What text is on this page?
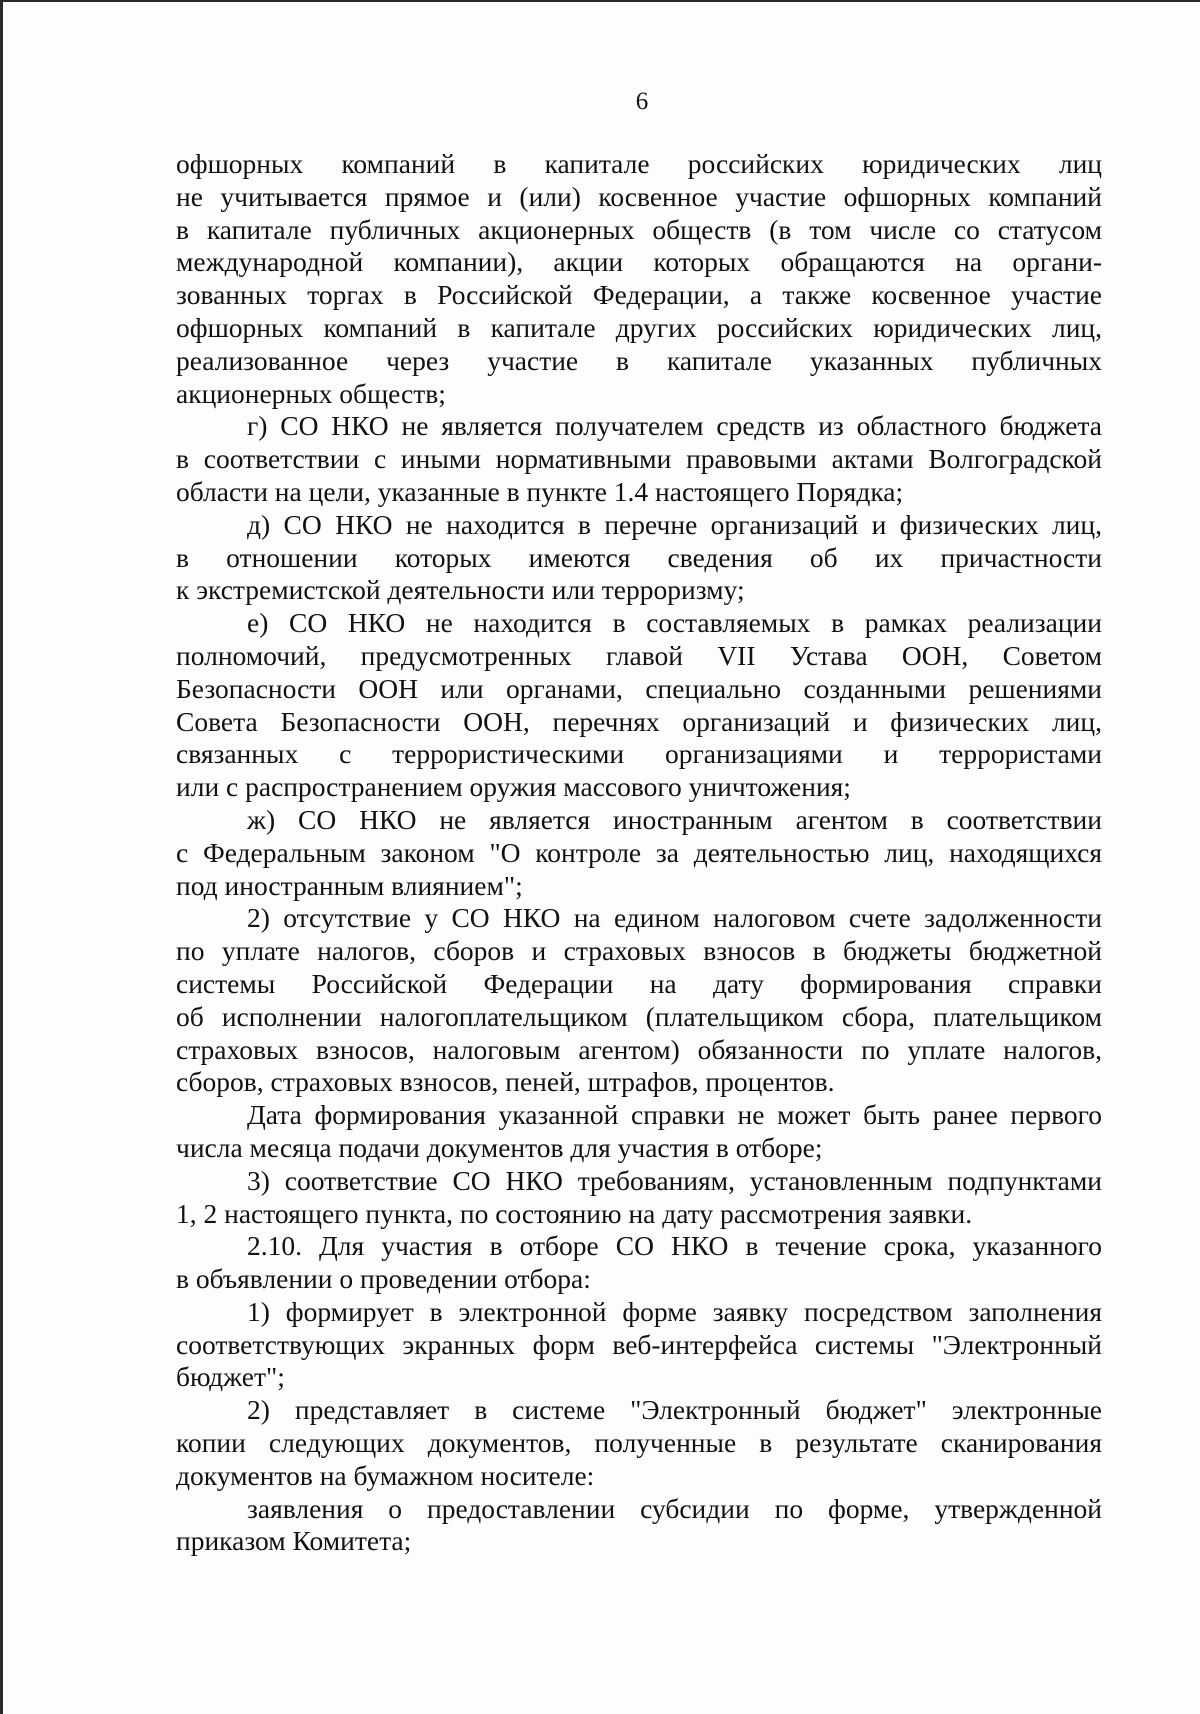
6
офшорных компаний в капитале российских юридических лиц
не учитывается прямое и (или) косвенное участие офшорных компаний
в капитале публичных акционерных обществ (в том числе со статусом
международной компании), акции которых обращаются на органи-
зованных торгах в Российской Федерации, а также косвенное участие
офшорных компаний в капитале других российских юридических лиц,
реализованное через участие в капитале указанных публичных
акционерных обществ;
г) СО НКО не является получателем средств из областного бюджета
в соответствии с иными нормативными правовыми актами Волгоградской
области на цели, указанные в пункте 1.4 настоящего Порядка;
д) СО НКО не находится в перечне организаций и физических лиц,
в отношении которых имеются сведения об их причастности
к экстремистской деятельности или терроризму;
е) СО НКО не находится в составляемых в рамках реализации
полномочий, предусмотренных главой VII Устава ООН, Советом
Безопасности ООН или органами, специально созданными решениями
Совета Безопасности ООН, перечнях организаций и физических лиц,
связанных с террористическими организациями и террористами
или с распространением оружия массового уничтожения;
ж) СО НКО не является иностранным агентом в соответствии
с Федеральным законом "О контроле за деятельностью лиц, находящихся
под иностранным влиянием";
2) отсутствие у СО НКО на едином налоговом счете задолженности
по уплате налогов, сборов и страховых взносов в бюджеты бюджетной
системы Российской Федерации на дату формирования справки
об исполнении налогоплательщиком (плательщиком сбора, плательщиком
страховых взносов, налоговым агентом) обязанности по уплате налогов,
сборов, страховых взносов, пеней, штрафов, процентов.
Дата формирования указанной справки не может быть ранее первого
числа месяца подачи документов для участия в отборе;
3) соответствие СО НКО требованиям, установленным подпунктами
1, 2 настоящего пункта, по состоянию на дату рассмотрения заявки.
2.10. Для участия в отборе СО НКО в течение срока, указанного
в объявлении о проведении отбора:
1) формирует в электронной форме заявку посредством заполнения
соответствующих экранных форм веб-интерфейса системы "Электронный
бюджет";
2) представляет в системе "Электронный бюджет" электронные
копии следующих документов, полученные в результате сканирования
документов на бумажном носителе:
заявления о предоставлении субсидии по форме, утвержденной
приказом Комитета;
